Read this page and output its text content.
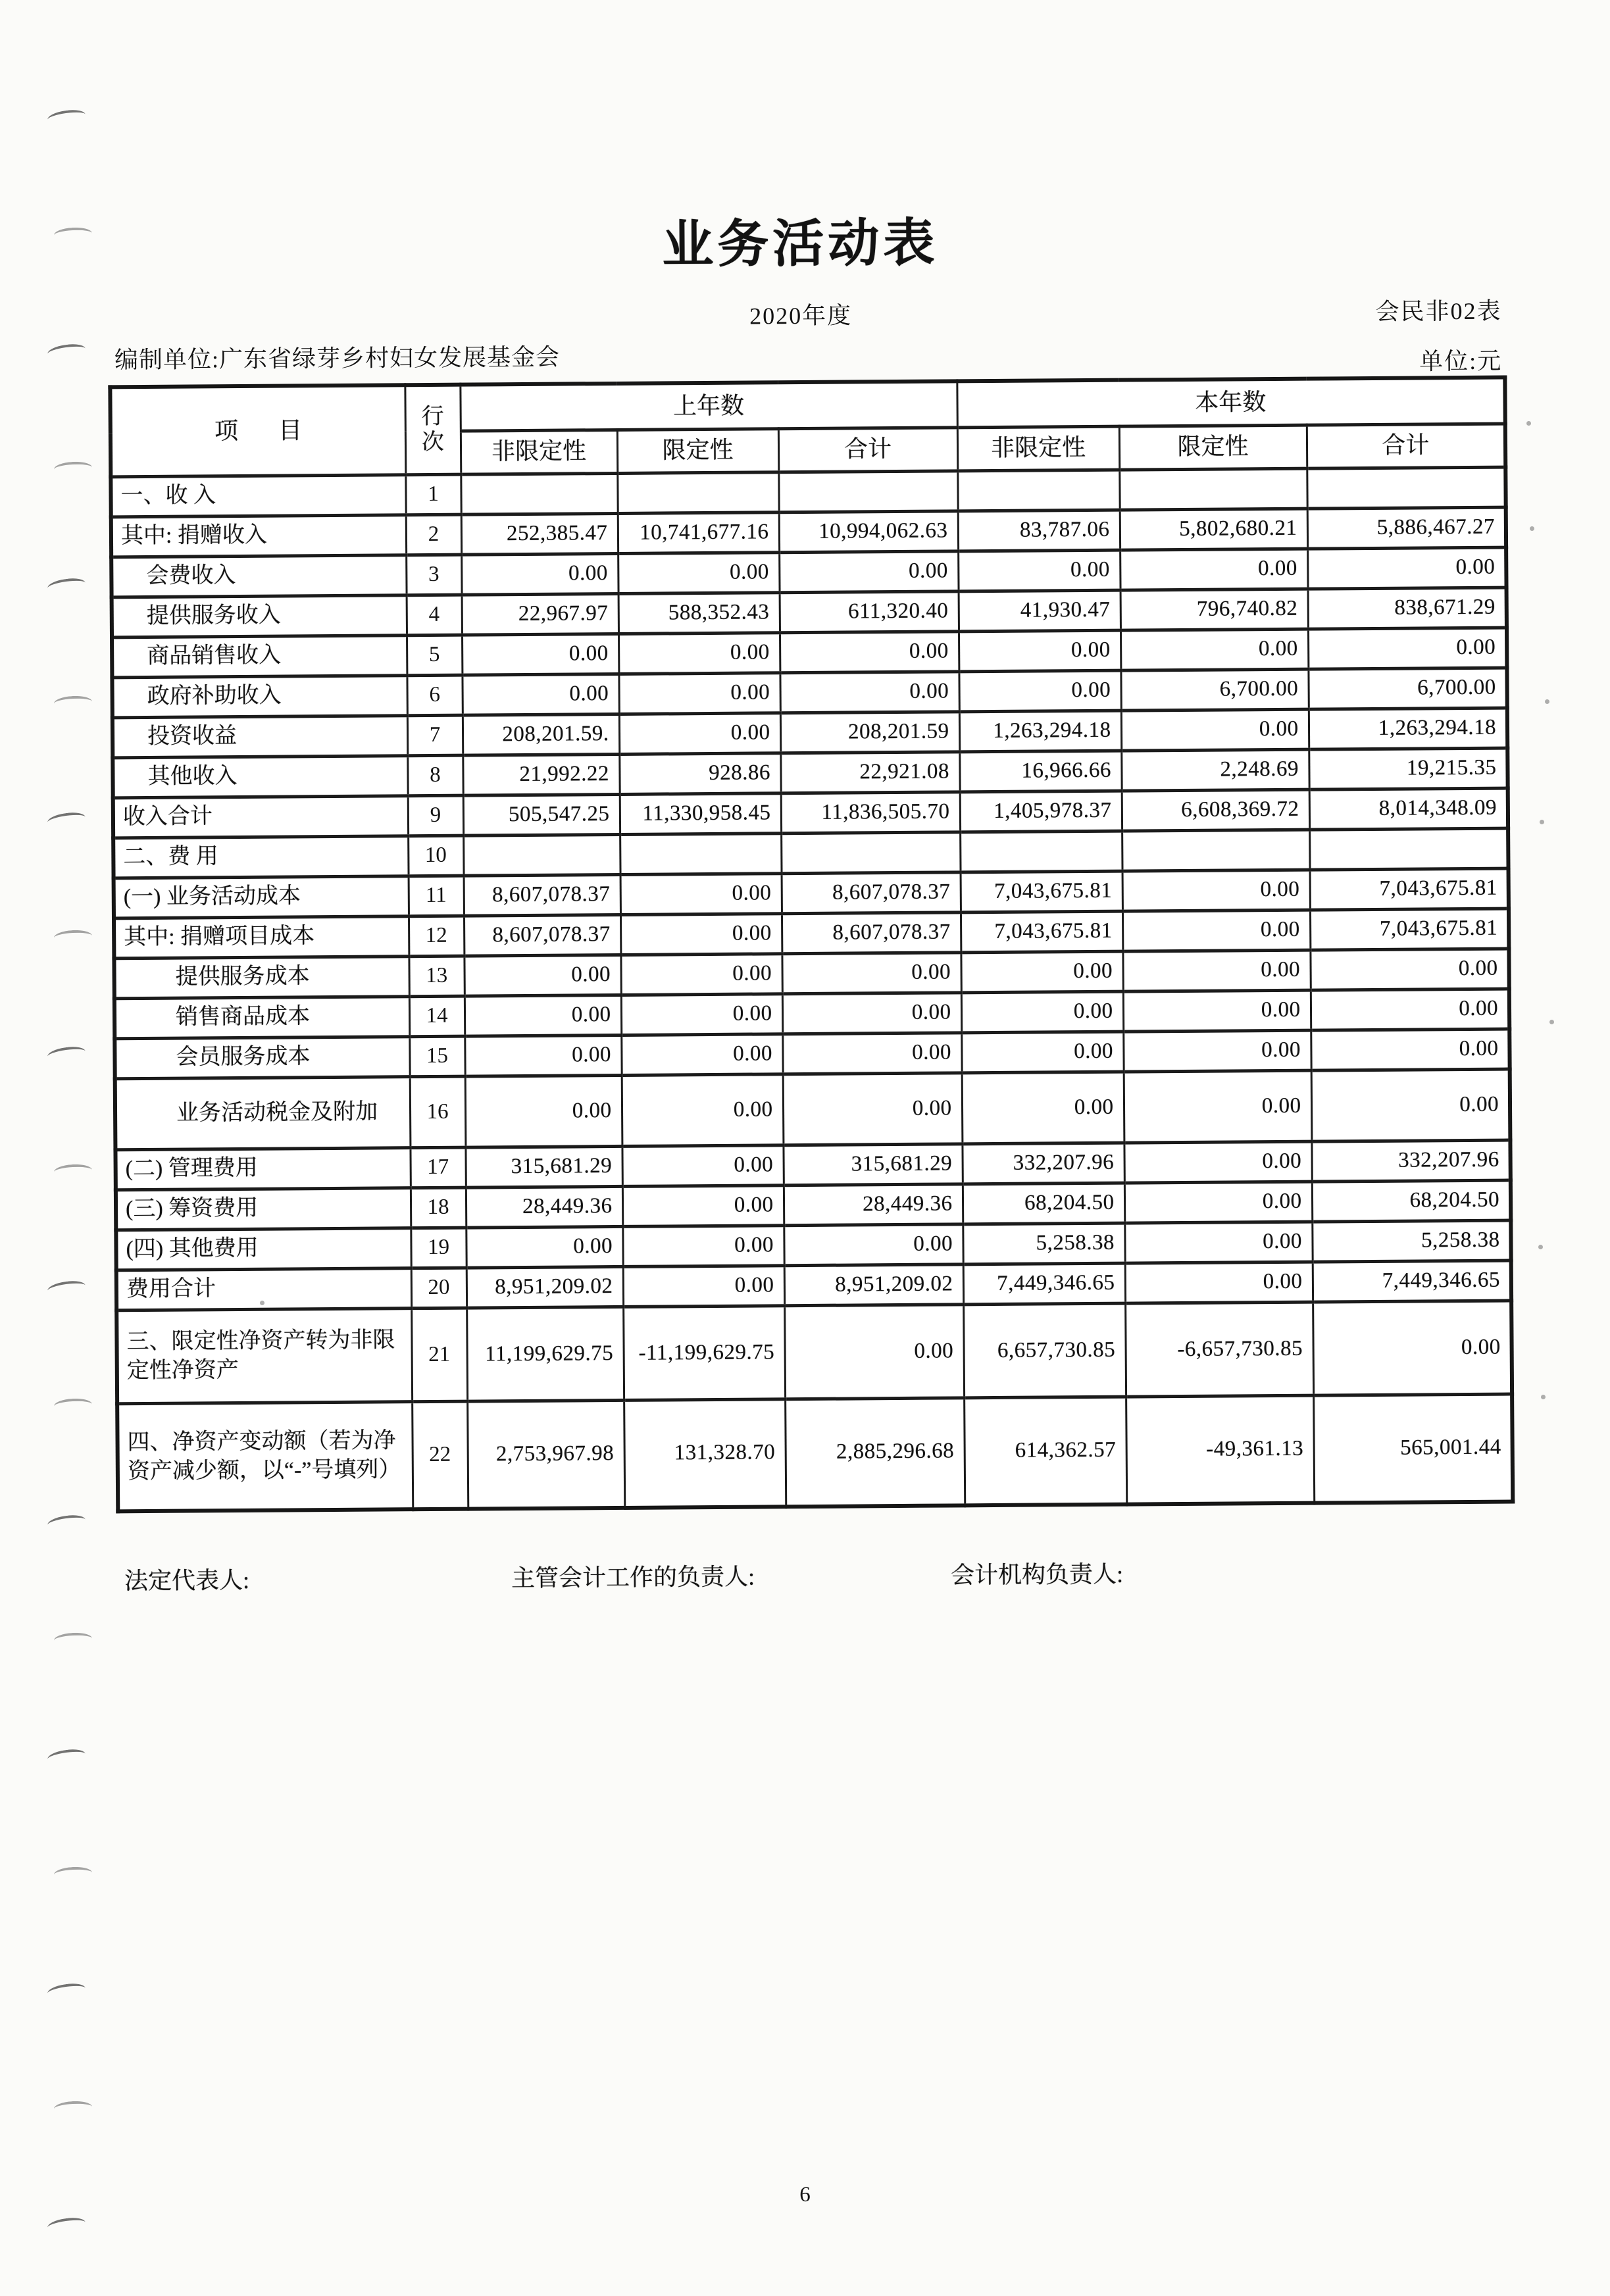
业务活动表
2020年度	会民非02表
编制单位:广东省绿芽乡村妇女发展基金会	单位:元
项 目	行
次	上年数			本年数		
		非限定性	限定性	合计	非限定性	限定性	合计
一、收 入	1						
其中: 捐赠收入	2	252,385.47	10,741,677.16	10,994,062.63	83,787.06	5,802,680.21	5,886,467.27
会费收入	3	0.00	0.00	0.00	0.00	0.00	0.00
提供服务收入	4	22,967.97	588,352.43	611,320.40	41,930.47	796,740.82	838,671.29
商品销售收入	5	0.00	0.00	0.00	0.00	0.00	0.00
政府补助收入	6	0.00	0.00	0.00	0.00	6,700.00	6,700.00
投资收益	7	208,201.59.	0.00	208,201.59	1,263,294.18	0.00	1,263,294.18
其他收入	8	21,992.22	928.86	22,921.08	16,966.66	2,248.69	19,215.35
收入合计	9	505,547.25	11,330,958.45	11,836,505.70	1,405,978.37	6,608,369.72	8,014,348.09
二、费 用	10						
(一) 业务活动成本	11	8,607,078.37	0.00	8,607,078.37	7,043,675.81	0.00	7,043,675.81
其中: 捐赠项目成本	12	8,607,078.37	0.00	8,607,078.37	7,043,675.81	0.00	7,043,675.81
提供服务成本	13	0.00	0.00	0.00	0.00	0.00	0.00
销售商品成本	14	0.00	0.00	0.00	0.00	0.00	0.00
会员服务成本	15	0.00	0.00	0.00	0.00	0.00	0.00
业务活动税金及附加	16	0.00	0.00	0.00	0.00	0.00	0.00
(二) 管理费用	17	315,681.29	0.00	315,681.29	332,207.96	0.00	332,207.96
(三) 筹资费用	18	28,449.36	0.00	28,449.36	68,204.50	0.00	68,204.50
(四) 其他费用	19	0.00	0.00	0.00	5,258.38	0.00	5,258.38
费用合计	20	8,951,209.02	0.00	8,951,209.02	7,449,346.65	0.00	7,449,346.65
三、限定性净资产转为非限定性净资产	21	11,199,629.75	-11,199,629.75	0.00	6,657,730.85	-6,657,730.85	0.00
四、净资产变动额（若为净资产减少额，以“-”号填列）	22	2,753,967.98	131,328.70	2,885,296.68	614,362.57	-49,361.13	565,001.44
法定代表人:	主管会计工作的负责人:	会计机构负责人:
6
